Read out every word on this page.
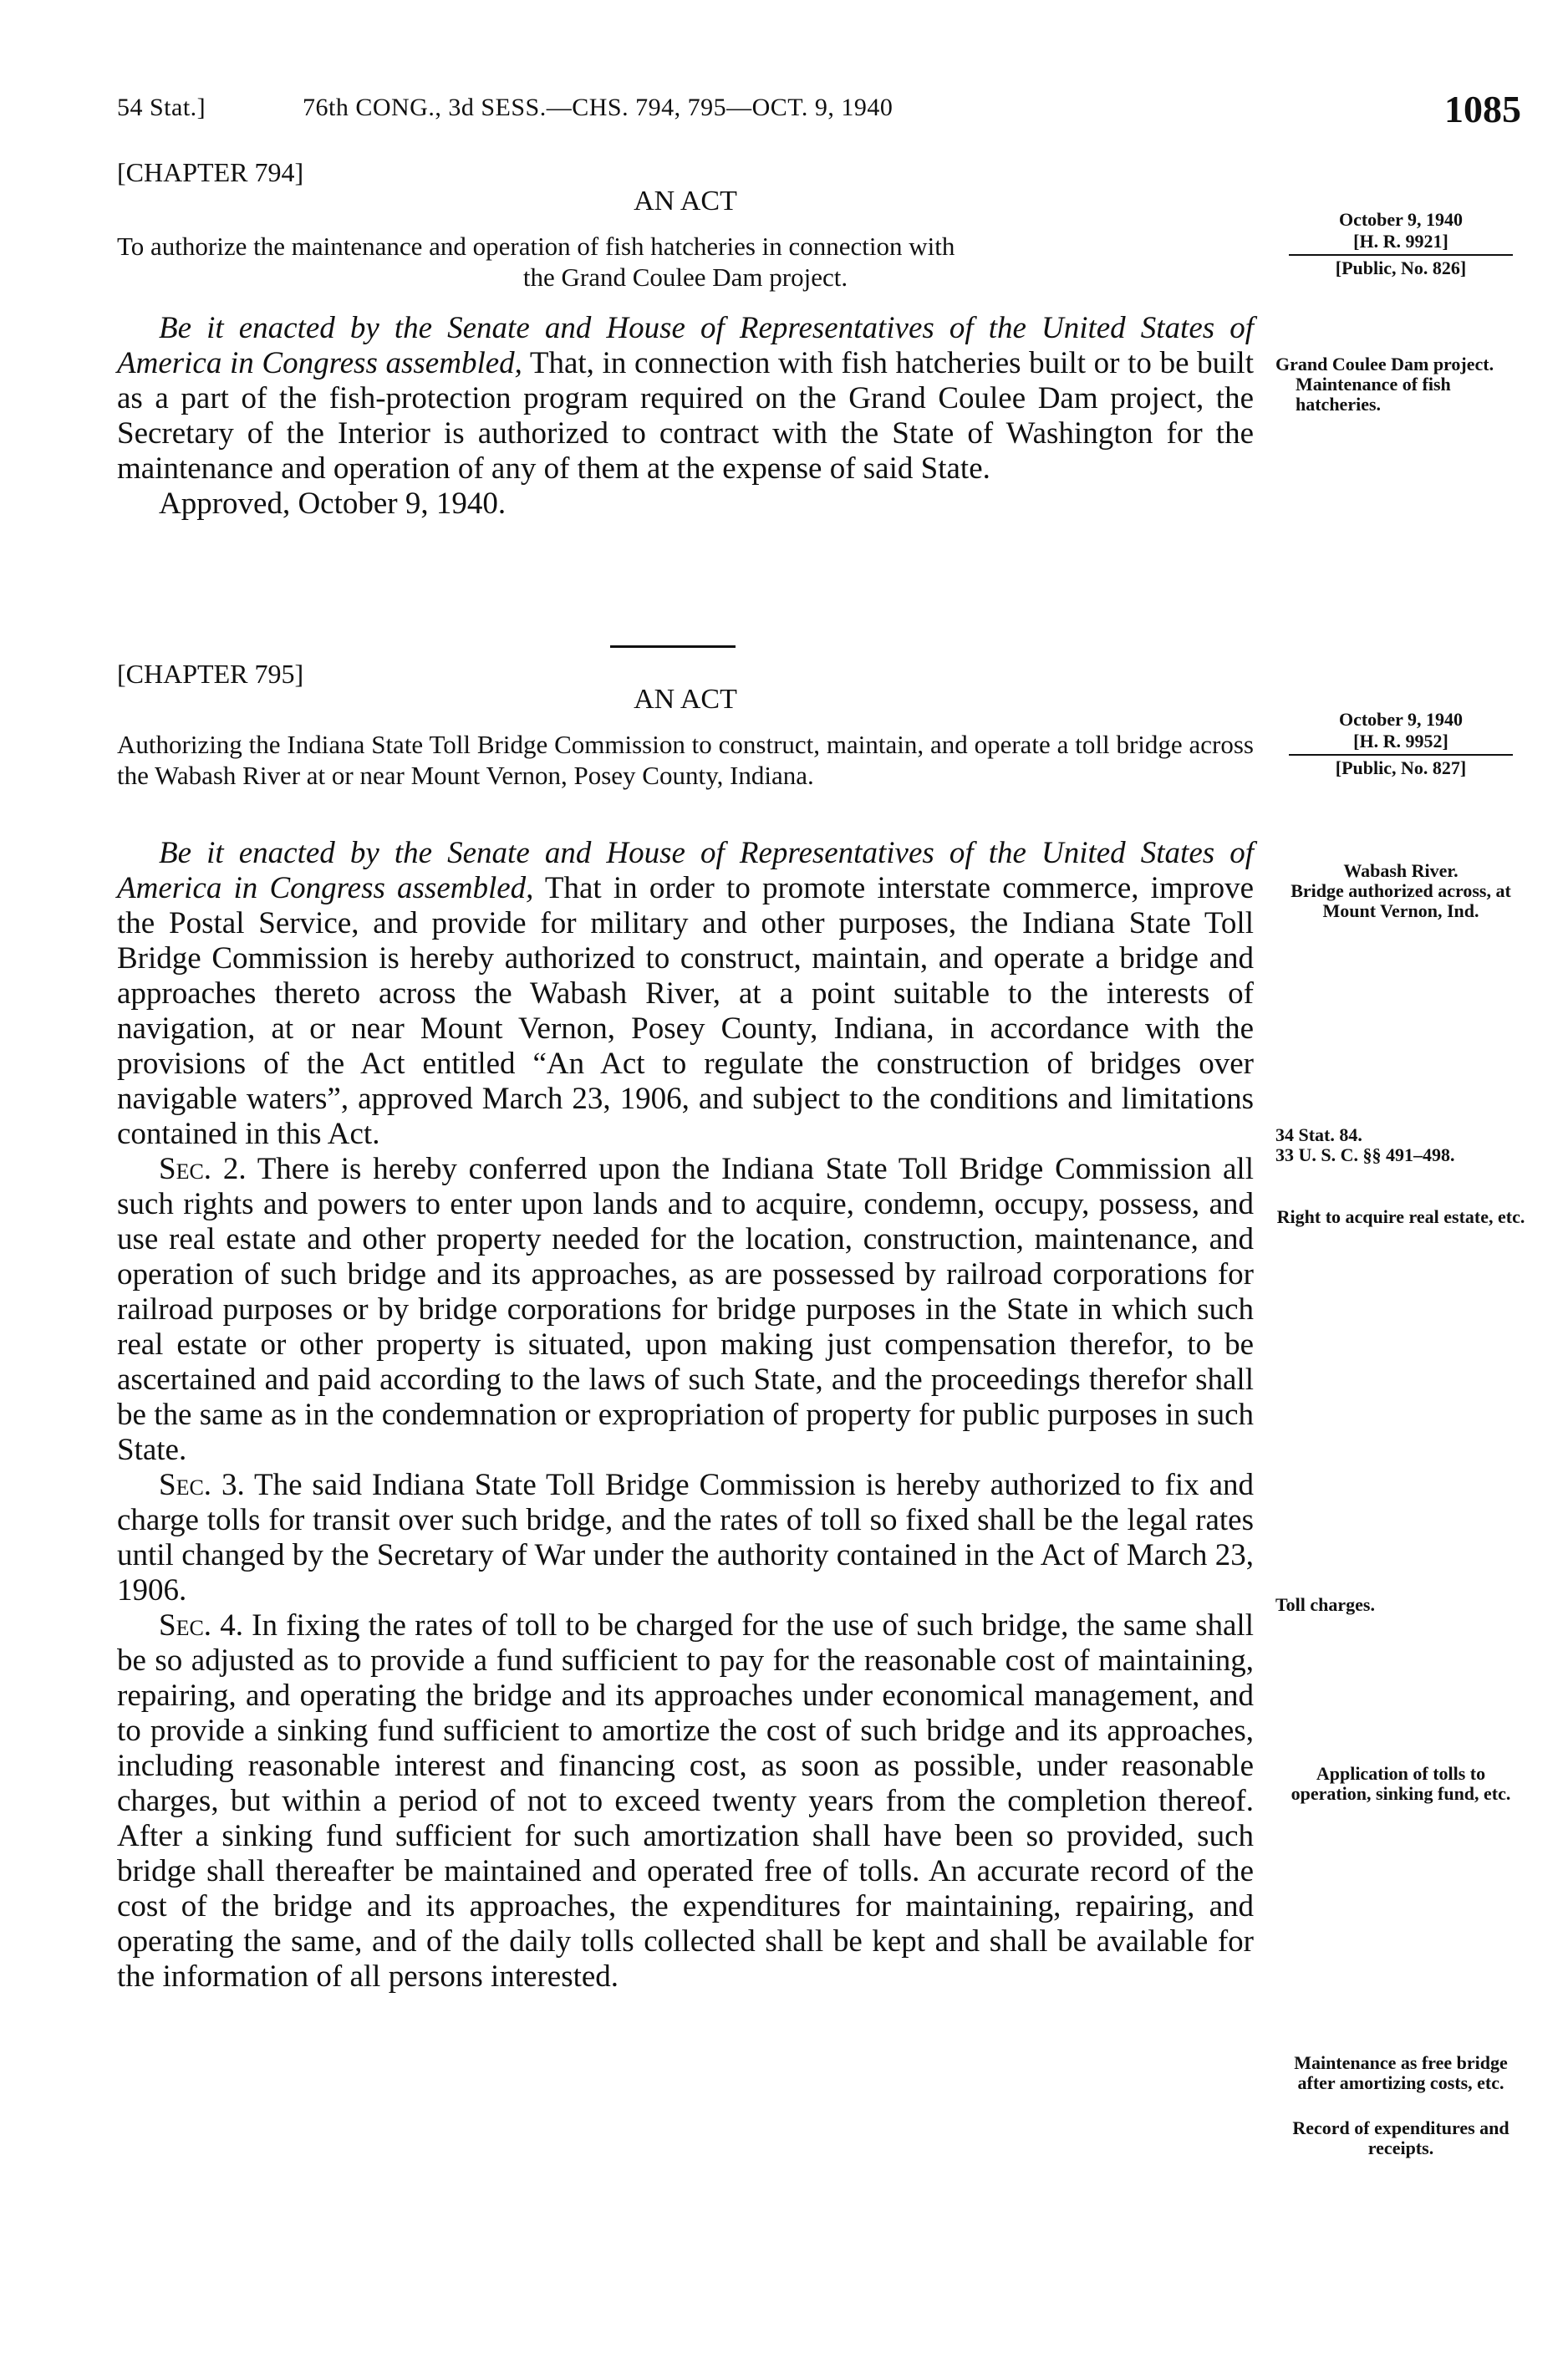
54 Stat.]	76th CONG., 3d SESS.—CHS. 794, 795—OCT. 9, 1940	1085
[CHAPTER 794]
AN ACT
To authorize the maintenance and operation of fish hatcheries in connection with
the Grand Coulee Dam project.
October 9, 1940
[H. R. 9921]
[Public, No. 826]

Be it enacted by the Senate and House of Representatives of the United States of America in Congress assembled, That, in connection with fish hatcheries built or to be built as a part of the fish-protection program required on the Grand Coulee Dam project, the Secretary of the Interior is authorized to contract with the State of Washington for the maintenance and operation of any of them at the expense of said State.

Approved, October 9, 1940.

Grand Coulee Dam project.
Maintenance of fish hatcheries.
[CHAPTER 795]
AN ACT
Authorizing the Indiana State Toll Bridge Commission to construct, maintain, and operate a toll bridge across the Wabash River at or near Mount Vernon, Posey County, Indiana.
October 9, 1940
[H. R. 9952]
[Public, No. 827]

Be it enacted by the Senate and House of Representatives of the United States of America in Congress assembled, That in order to promote interstate commerce, improve the Postal Service, and provide for military and other purposes, the Indiana State Toll Bridge Commission is hereby authorized to construct, maintain, and operate a bridge and approaches thereto across the Wabash River, at a point suitable to the interests of navigation, at or near Mount Vernon, Posey County, Indiana, in accordance with the provisions of the Act entitled “An Act to regulate the construction of bridges over navigable waters”, approved March 23, 1906, and subject to the conditions and limitations contained in this Act.

Sec. 2. There is hereby conferred upon the Indiana State Toll Bridge Commission all such rights and powers to enter upon lands and to acquire, condemn, occupy, possess, and use real estate and other property needed for the location, construction, maintenance, and operation of such bridge and its approaches, as are possessed by railroad corporations for railroad purposes or by bridge corporations for bridge purposes in the State in which such real estate or other property is situated, upon making just compensation therefor, to be ascertained and paid according to the laws of such State, and the proceedings therefor shall be the same as in the condemnation or expropriation of property for public purposes in such State.

Sec. 3. The said Indiana State Toll Bridge Commission is hereby authorized to fix and charge tolls for transit over such bridge, and the rates of toll so fixed shall be the legal rates until changed by the Secretary of War under the authority contained in the Act of March 23, 1906.

Sec. 4. In fixing the rates of toll to be charged for the use of such bridge, the same shall be so adjusted as to provide a fund sufficient to pay for the reasonable cost of maintaining, repairing, and operating the bridge and its approaches under economical management, and to provide a sinking fund sufficient to amortize the cost of such bridge and its approaches, including reasonable interest and financing cost, as soon as possible, under reasonable charges, but within a period of not to exceed twenty years from the completion thereof. After a sinking fund sufficient for such amortization shall have been so provided, such bridge shall thereafter be maintained and operated free of tolls. An accurate record of the cost of the bridge and its approaches, the expenditures for maintaining, repairing, and operating the same, and of the daily tolls collected shall be kept and shall be available for the information of all persons interested.

Wabash River.
Bridge authorized across, at Mount Vernon, Ind.
34 Stat. 84.
33 U. S. C. §§ 491–498.
Right to acquire real estate, etc.
Toll charges.
Application of tolls to operation, sinking fund, etc.
Maintenance as free bridge after amortizing costs, etc.
Record of expenditures and receipts.
